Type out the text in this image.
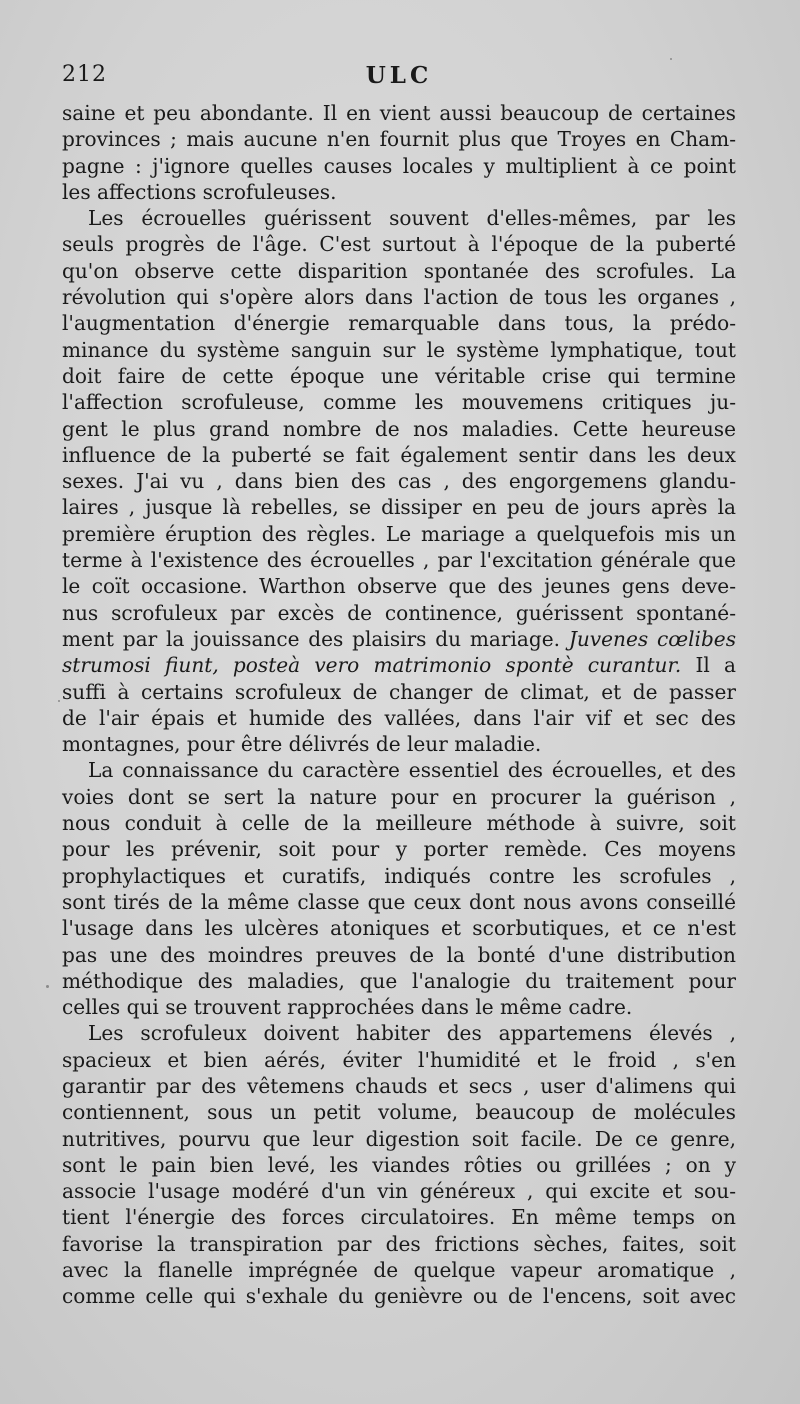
212	ULC
saine et peu abondante. Il en vient aussi beaucoup de certaines
provinces ; mais aucune n'en fournit plus que Troyes en Cham-
pagne : j'ignore quelles causes locales y multiplient à ce point
les affections scrofuleuses.
Les écrouelles guérissent souvent d'elles-mêmes, par les
seuls progrès de l'âge. C'est surtout à l'époque de la puberté
qu'on observe cette disparition spontanée des scrofules. La
révolution qui s'opère alors dans l'action de tous les organes ,
l'augmentation d'énergie remarquable dans tous, la prédo-
minance du système sanguin sur le système lymphatique, tout
doit faire de cette époque une véritable crise qui termine
l'affection scrofuleuse, comme les mouvemens critiques ju-
gent le plus grand nombre de nos maladies. Cette heureuse
influence de la puberté se fait également sentir dans les deux
sexes. J'ai vu , dans bien des cas , des engorgemens glandu-
laires , jusque là rebelles, se dissiper en peu de jours après la
première éruption des règles. Le mariage a quelquefois mis un
terme à l'existence des écrouelles , par l'excitation générale que
le coït occasione. Warthon observe que des jeunes gens deve-
nus scrofuleux par excès de continence, guérissent spontané-
ment par la jouissance des plaisirs du mariage. Juvenes cœlibes
strumosi fiunt, posteà vero matrimonio spontè curantur. Il a
suffi à certains scrofuleux de changer de climat, et de passer
de l'air épais et humide des vallées, dans l'air vif et sec des
montagnes, pour être délivrés de leur maladie.
La connaissance du caractère essentiel des écrouelles, et des
voies dont se sert la nature pour en procurer la guérison ,
nous conduit à celle de la meilleure méthode à suivre, soit
pour les prévenir, soit pour y porter remède. Ces moyens
prophylactiques et curatifs, indiqués contre les scrofules ,
sont tirés de la même classe que ceux dont nous avons conseillé
l'usage dans les ulcères atoniques et scorbutiques, et ce n'est
pas une des moindres preuves de la bonté d'une distribution
méthodique des maladies, que l'analogie du traitement pour
celles qui se trouvent rapprochées dans le même cadre.
Les scrofuleux doivent habiter des appartemens élevés ,
spacieux et bien aérés, éviter l'humidité et le froid , s'en
garantir par des vêtemens chauds et secs , user d'alimens qui
contiennent, sous un petit volume, beaucoup de molécules
nutritives, pourvu que leur digestion soit facile. De ce genre,
sont le pain bien levé, les viandes rôties ou grillées ; on y
associe l'usage modéré d'un vin généreux , qui excite et sou-
tient l'énergie des forces circulatoires. En même temps on
favorise la transpiration par des frictions sèches, faites, soit
avec la flanelle imprégnée de quelque vapeur aromatique ,
comme celle qui s'exhale du genièvre ou de l'encens, soit avec
